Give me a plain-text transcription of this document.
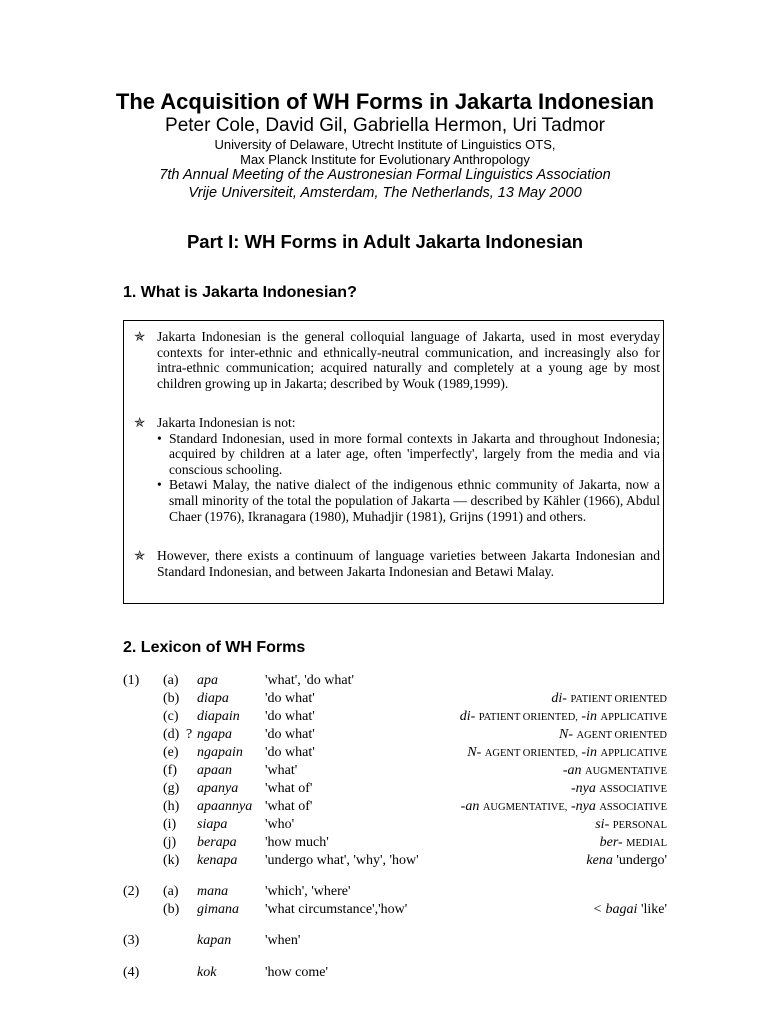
The Acquisition of WH Forms in Jakarta Indonesian
Peter Cole, David Gil, Gabriella Hermon, Uri Tadmor
University of Delaware, Utrecht Institute of Linguistics OTS,
Max Planck Institute for Evolutionary Anthropology
7th Annual Meeting of the Austronesian Formal Linguistics Association
Vrije Universiteit, Amsterdam, The Netherlands, 13 May 2000
Part I: WH Forms in Adult Jakarta Indonesian
1. What is Jakarta Indonesian?
✯ Jakarta Indonesian is the general colloquial language of Jakarta, used in most everyday contexts for inter-ethnic and ethnically-neutral communication, and increasingly also for intra-ethnic communication; acquired naturally and completely at a young age by most children growing up in Jakarta; described by Wouk (1989,1999).
✯ Jakarta Indonesian is not:
• Standard Indonesian, used in more formal contexts in Jakarta and throughout Indonesia; acquired by children at a later age, often 'imperfectly', largely from the media and via conscious schooling.
• Betawi Malay, the native dialect of the indigenous ethnic community of Jakarta, now a small minority of the total the population of Jakarta — described by Kähler (1966), Abdul Chaer (1976), Ikranagara (1980), Muhadjir (1981), Grijns (1991) and others.
✯ However, there exists a continuum of language varieties between Jakarta Indonesian and Standard Indonesian, and between Jakarta Indonesian and Betawi Malay.
2. Lexicon of WH Forms
(1) (a) apa	'what', 'do what'
(b) diapa	'do what'	di- PATIENT ORIENTED
(c) diapain 'do what'	di- PATIENT ORIENTED, -in APPLICATIVE
(d) ? ngapa 'do what'	N- AGENT ORIENTED
(e) ngapain 'do what'	N- AGENT ORIENTED, -in APPLICATIVE
(f) apaan 'what'	-an AUGMENTATIVE
(g) apanya 'what of'	-nya ASSOCIATIVE
(h) apaannya 'what of'	-an AUGMENTATIVE, -nya ASSOCIATIVE
(i) siapa	'who'	si- PERSONAL
(j) berapa 'how much'	ber- MEDIAL
(k) kenapa 'undergo what', 'why', 'how'	kena 'undergo'
(2) (a) mana	'which', 'where'
(b) gimana 'what circumstance','how'	< bagai 'like'
(3)	kapan 'when'
(4)	kok	'how come'
